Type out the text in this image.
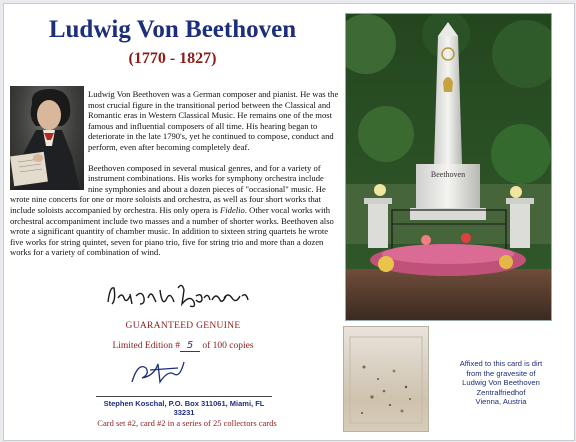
Ludwig Von Beethoven
(1770 - 1827)

Ludwig Von Beethoven was a German composer and pianist. He was the most crucial figure in the transitional period between the Classical and Romantic eras in Western Classical Music. He remains one of the most famous and influential composers of all time. His hearing began to deteriorate in the late 1790's, yet he continued to compose, conduct and perform, even after becoming completely deaf.

Beethoven composed in several musical genres, and for a variety of instrument combinations. His works for symphony orchestra include nine symphonies and about a dozen pieces of "occasional" music. He wrote nine concerts for one or more soloists and orchestra, as well as four short works that include soloists accompanied by orchestra. His only opera is Fidelio. Other vocal works with orchestral accompaniment include two masses and a number of shorter works. Beethoven also wrote a significant quantity of chamber music. In addition to sixteen string quartets he wrote five works for string quintet, seven for piano trio, five for string trio and more than a dozen works for a variety of combination of wind.

GUARANTEED GENUINE
Limited Edition # 5 of 100 copies
Stephen Koschal, P.O. Box 311061, Miami, FL 33231
Card set #2, card #2 in a series of 25 collectors cards
Beethoven
Affixed to this card is dirt
from the gravesite of
Ludwig Von Beethoven
Zentralfriedhof
Vienna, Austria
